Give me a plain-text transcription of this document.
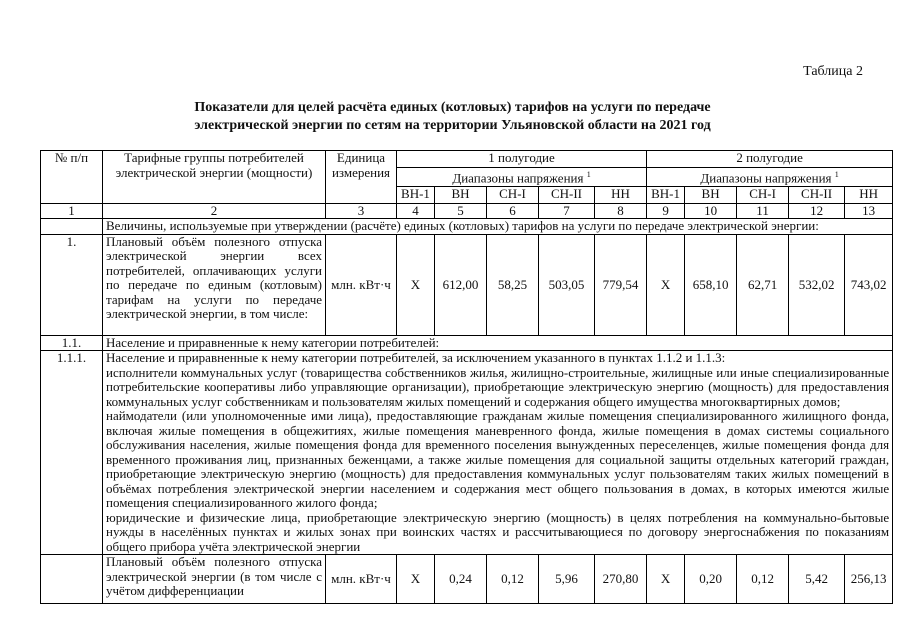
Таблица 2
Показатели для целей расчёта единых (котловых) тарифов на услуги по передаче
электрической энергии по сетям на территории Ульяновской области на 2021 год
№ п/п	Тарифные группы потребителей электрической энергии (мощности)	Единица измерения	1 полугодие					2 полугодие				
			Диапазоны напряжения $^1$					Диапазоны напряжения $^1$
			ВН-1	ВН	СН-I	СН-II	НН	ВН-1	ВН	СН-I	СН-II	НН
1	2	3	4	5	6	7	8	9	10	11	12	13
	Величины, используемые при утверждении (расчёте) единых (котловых) тарифов на услуги по передаче электрической энергии:											
1.	Плановый объём полезного отпуска электрической энергии всех потребителей, оплачивающих услуги по передаче по единым (котловым) тарифам на услуги по передаче электрической энергии, в том числе:	млн. кВт·ч	Х	612,00	58,25	503,05	779,54	Х	658,10	62,71	532,02	743,02
1.1.	Население и приравненные к нему категории потребителей:											
1.1.1.	Население и приравненные к нему категории потребителей, за исключением указанного в пунктах 1.1.2 и 1.1.3:

исполнители коммунальных услуг (товарищества собственников жилья, жилищно-строительные, жилищные или иные специализированные потребительские кооперативы либо управляющие организации), приобретающие электрическую энергию (мощность) для предоставления коммунальных услуг собственникам и пользователям жилых помещений и содержания общего имущества многоквартирных домов;

наймодатели (или уполномоченные ими лица), предоставляющие гражданам жилые помещения специализированного жилищного фонда, включая жилые помещения в общежитиях, жилые помещения маневренного фонда, жилые помещения в домах системы социального обслуживания населения, жилые помещения фонда для временного поселения вынужденных переселенцев, жилые помещения фонда для временного проживания лиц, признанных беженцами, а также жилые помещения для социальной защиты отдельных категорий граждан, приобретающие электрическую энергию (мощность) для предоставления коммунальных услуг пользователям таких жилых помещений в объёмах потребления электрической энергии населением и содержания мест общего пользования в домах, в которых имеются жилые помещения специализированного жилого фонда;

юридические и физические лица, приобретающие электрическую энергию (мощность) в целях потребления на коммунально-бытовые нужды в населённых пунктах и жилых зонах при воинских частях и рассчитывающиеся по договору энергоснабжения по показаниям общего прибора учёта электрической энергии											

	Плановый объём полезного отпуска электрической энергии (в том числе с учётом дифференциации	млн. кВт·ч	Х	0,24	0,12	5,96	270,80	Х	0,20	0,12	5,42	256,13
